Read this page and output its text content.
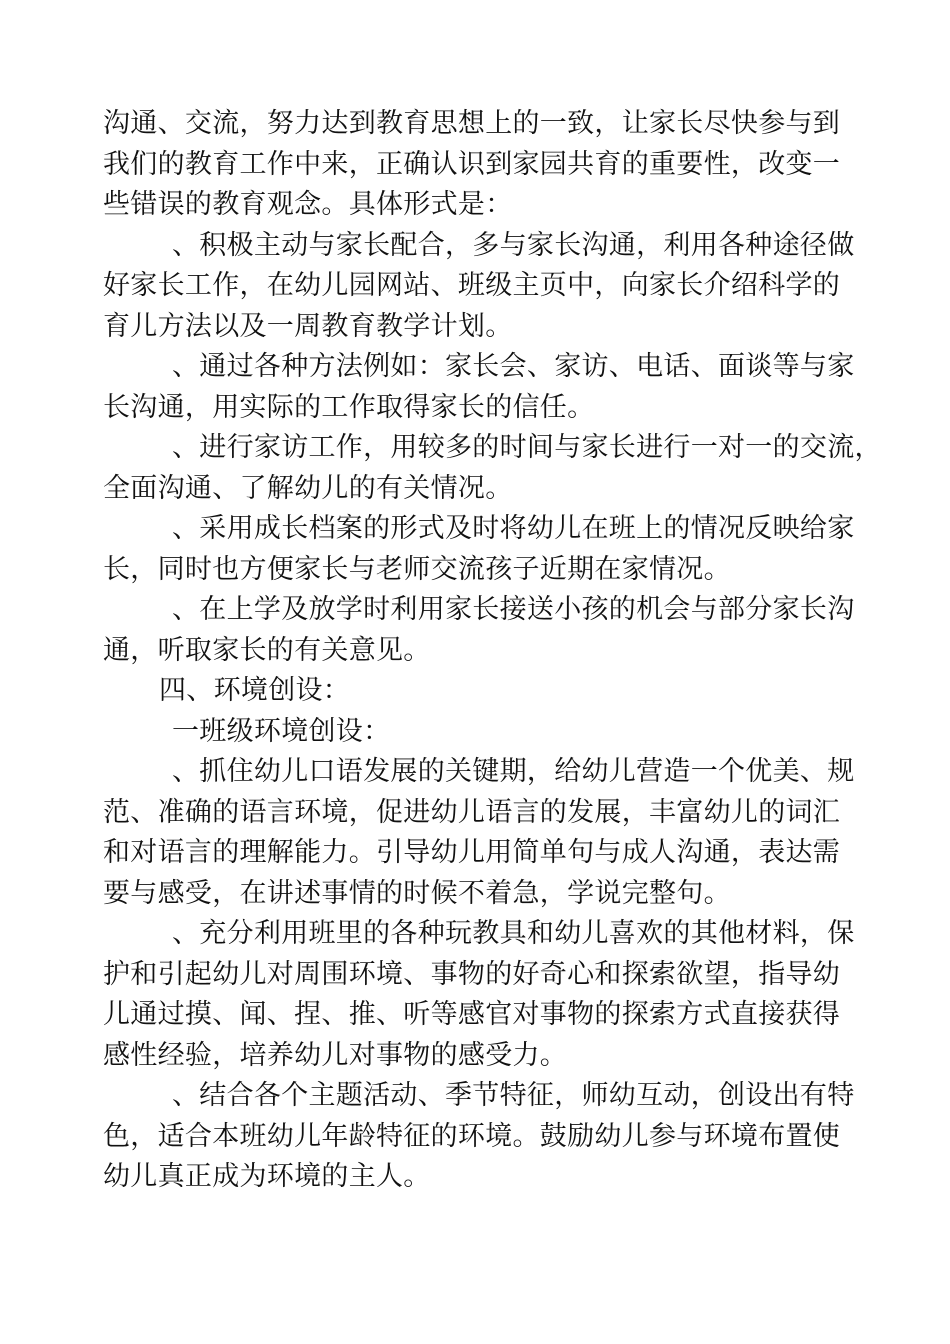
沟通、交流，努力达到教育思想上的一致，让家长尽快参与到
我们的教育工作中来，正确认识到家园共育的重要性，改变一
些错误的教育观念。具体形式是：
、积极主动与家长配合，多与家长沟通，利用各种途径做
好家长工作，在幼儿园网站、班级主页中，向家长介绍科学的
育儿方法以及一周教育教学计划。
、通过各种方法例如：家长会、家访、电话、面谈等与家
长沟通，用实际的工作取得家长的信任。
、进行家访工作，用较多的时间与家长进行一对一的交流，
全面沟通、了解幼儿的有关情况。
、采用成长档案的形式及时将幼儿在班上的情况反映给家
长，同时也方便家长与老师交流孩子近期在家情况。
、在上学及放学时利用家长接送小孩的机会与部分家长沟
通，听取家长的有关意见。
四、环境创设：
一班级环境创设：
、抓住幼儿口语发展的关键期，给幼儿营造一个优美、规
范、准确的语言环境，促进幼儿语言的发展，丰富幼儿的词汇
和对语言的理解能力。引导幼儿用简单句与成人沟通，表达需
要与感受，在讲述事情的时候不着急，学说完整句。
、充分利用班里的各种玩教具和幼儿喜欢的其他材料，保
护和引起幼儿对周围环境、事物的好奇心和探索欲望，指导幼
儿通过摸、闻、捏、推、听等感官对事物的探索方式直接获得
感性经验，培养幼儿对事物的感受力。
、结合各个主题活动、季节特征，师幼互动，创设出有特
色，适合本班幼儿年龄特征的环境。鼓励幼儿参与环境布置使
幼儿真正成为环境的主人。
